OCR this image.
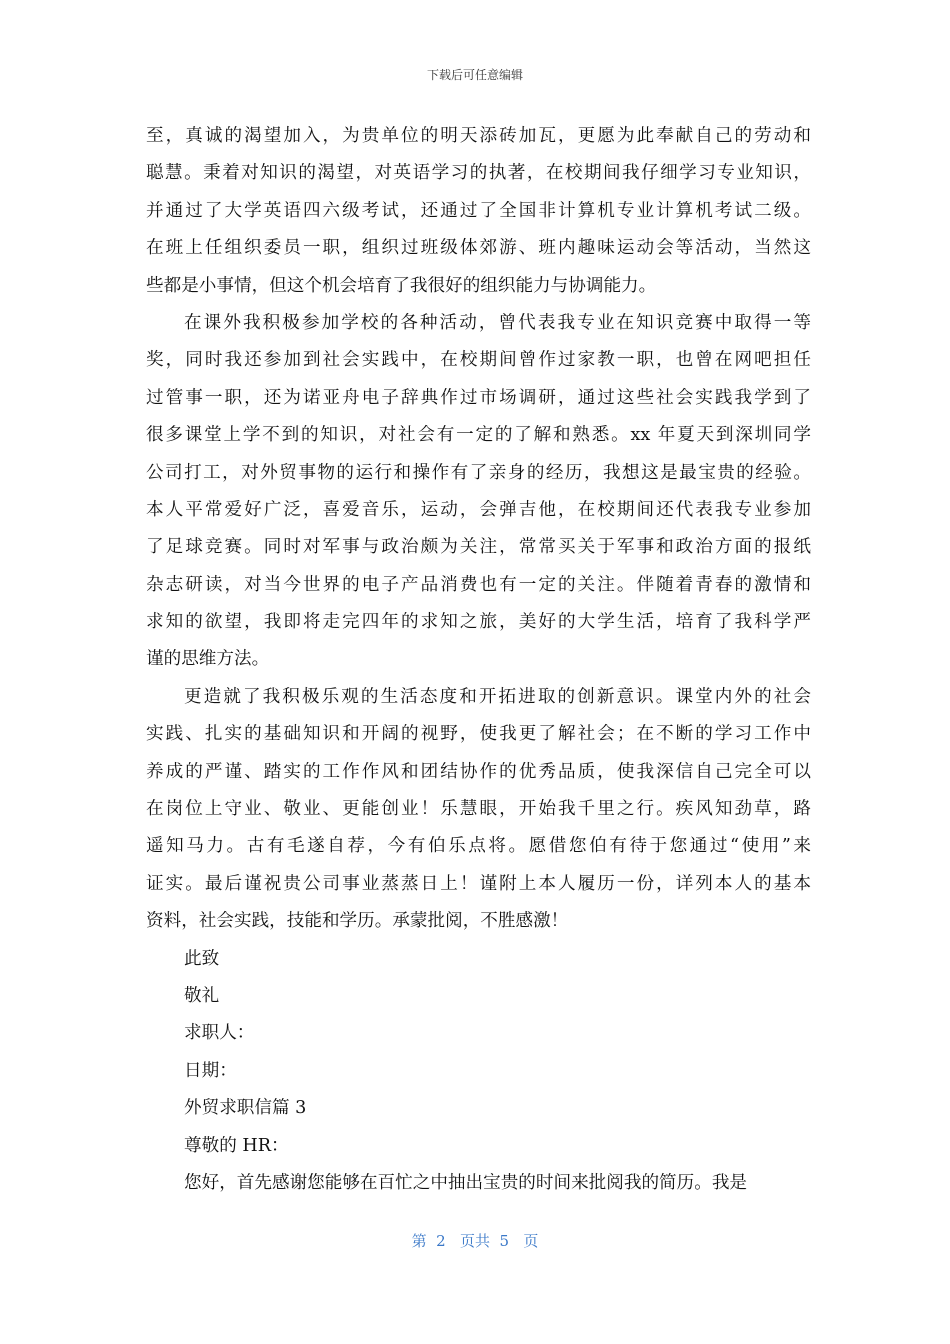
下载后可任意编辑
至，真诚的渴望加入，为贵单位的明天添砖加瓦，更愿为此奉献自己的劳动和
聪慧。秉着对知识的渴望，对英语学习的执著，在校期间我仔细学习专业知识，
并通过了大学英语四六级考试，还通过了全国非计算机专业计算机考试二级。
在班上任组织委员一职，组织过班级体郊游、班内趣味运动会等活动，当然这
些都是小事情，但这个机会培育了我很好的组织能力与协调能力。
在课外我积极参加学校的各种活动，曾代表我专业在知识竞赛中取得一等
奖，同时我还参加到社会实践中，在校期间曾作过家教一职，也曾在网吧担任
过管事一职，还为诺亚舟电子辞典作过市场调研，通过这些社会实践我学到了
很多课堂上学不到的知识，对社会有一定的了解和熟悉。xx 年夏天到深圳同学
公司打工，对外贸事物的运行和操作有了亲身的经历，我想这是最宝贵的经验。
本人平常爱好广泛，喜爱音乐，运动，会弹吉他，在校期间还代表我专业参加
了足球竞赛。同时对军事与政治颇为关注，常常买关于军事和政治方面的报纸
杂志研读，对当今世界的电子产品消费也有一定的关注。伴随着青春的激情和
求知的欲望，我即将走完四年的求知之旅，美好的大学生活，培育了我科学严
谨的思维方法。
更造就了我积极乐观的生活态度和开拓进取的创新意识。课堂内外的社会
实践、扎实的基础知识和开阔的视野，使我更了解社会；在不断的学习工作中
养成的严谨、踏实的工作作风和团结协作的优秀品质，使我深信自己完全可以
在岗位上守业、敬业、更能创业！乐慧眼，开始我千里之行。疾风知劲草，路
遥知马力。古有毛遂自荐，今有伯乐点将。愿借您伯有待于您通过“使用”来
证实。最后谨祝贵公司事业蒸蒸日上！谨附上本人履历一份，详列本人的基本
资料，社会实践，技能和学历。承蒙批阅，不胜感激！
此致
敬礼
求职人：
日期：
外贸求职信篇 3
尊敬的 HR：
您好，首先感谢您能够在百忙之中抽出宝贵的时间来批阅我的简历。我是
第  2   页共  5   页
